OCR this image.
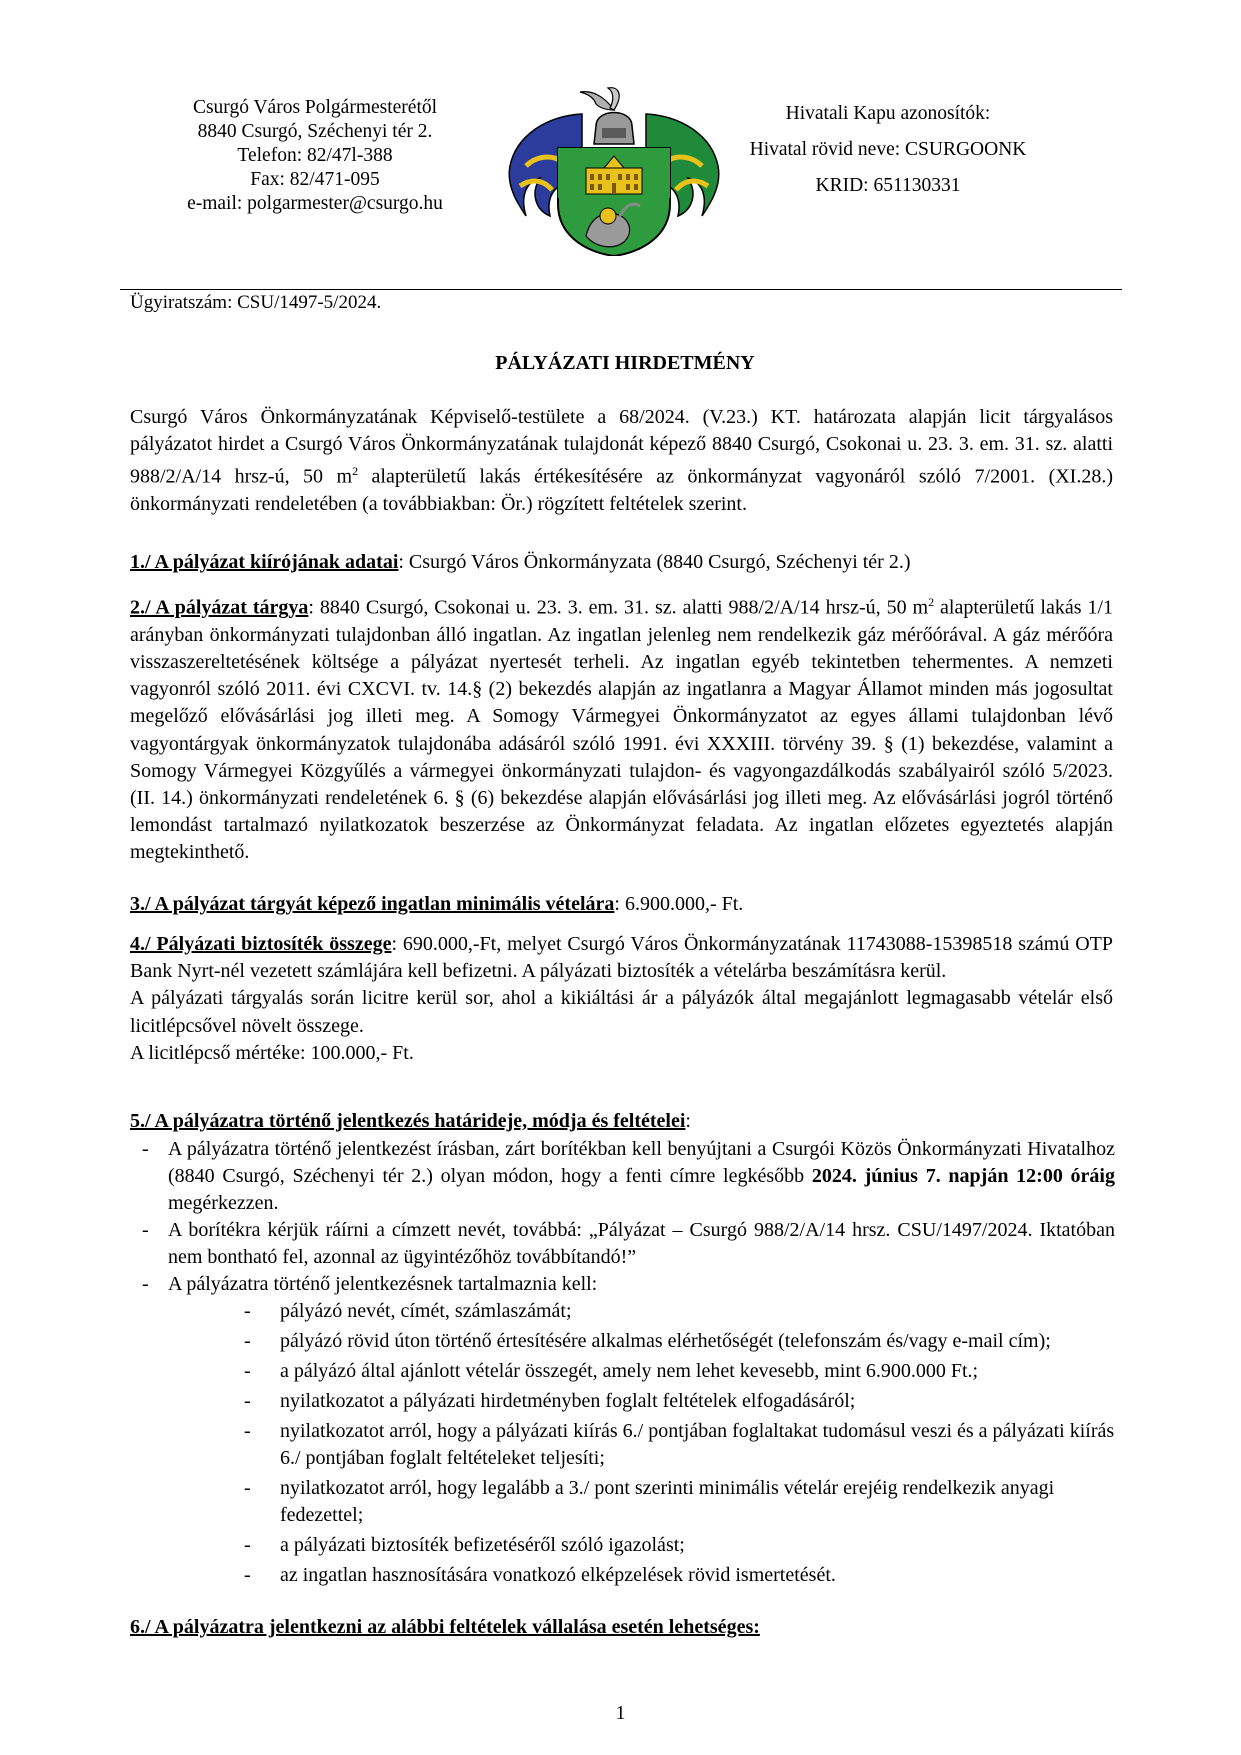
Csurgó Város Polgármesterétől
8840 Csurgó, Széchenyi tér 2.
Telefon: 82/47l-388
Fax: 82/471-095
e-mail: polgarmester@csurgo.hu
Hivatali Kapu azonosítók:
Hivatal rövid neve: CSURGOONK
KRID: 651130331
Ügyiratszám: CSU/1497-5/2024.
PÁLYÁZATI HIRDETMÉNY
Csurgó Város Önkormányzatának Képviselő-testülete a 68/2024. (V.23.) KT. határozata alapján licit tárgyalásos pályázatot hirdet a Csurgó Város Önkormányzatának tulajdonát képező 8840 Csurgó, Csokonai u. 23. 3. em. 31. sz. alatti 988/2/A/14 hrsz-ú, 50 $m^2$ alapterületű lakás értékesítésére az önkormányzat vagyonáról szóló 7/2001. (XI.28.) önkormányzati rendeletében (a továbbiakban: Ör.) rögzített feltételek szerint.
1./ A pályázat kiírójának adatai: Csurgó Város Önkormányzata (8840 Csurgó, Széchenyi tér 2.)
2./ A pályázat tárgya: 8840 Csurgó, Csokonai u. 23. 3. em. 31. sz. alatti 988/2/A/14 hrsz-ú, 50 $m^2$ alapterületű lakás 1/1 arányban önkormányzati tulajdonban álló ingatlan. Az ingatlan jelenleg nem rendelkezik gáz mérőórával. A gáz mérőóra visszaszereltetésének költsége a pályázat nyertesét terheli. Az ingatlan egyéb tekintetben tehermentes. A nemzeti vagyonról szóló 2011. évi CXCVI. tv. 14.§ (2) bekezdés alapján az ingatlanra a Magyar Államot minden más jogosultat megelőző elővásárlási jog illeti meg. A Somogy Vármegyei Önkormányzatot az egyes állami tulajdonban lévő vagyontárgyak önkormányzatok tulajdonába adásáról szóló 1991. évi XXXIII. törvény 39. § (1) bekezdése, valamint a Somogy Vármegyei Közgyűlés a vármegyei önkormányzati tulajdon- és vagyongazdálkodás szabályairól szóló 5/2023. (II. 14.) önkormányzati rendeletének 6. § (6) bekezdése alapján elővásárlási jog illeti meg. Az elővásárlási jogról történő lemondást tartalmazó nyilatkozatok beszerzése az Önkormányzat feladata. Az ingatlan előzetes egyeztetés alapján megtekinthető.
3./ A pályázat tárgyát képező ingatlan minimális vételára: 6.900.000,- Ft.
4./ Pályázati biztosíték összege: 690.000,-Ft, melyet Csurgó Város Önkormányzatának 11743088-15398518 számú OTP Bank Nyrt-nél vezetett számlájára kell befizetni. A pályázati biztosíték a vételárba beszámításra kerül.
A pályázati tárgyalás során licitre kerül sor, ahol a kikiáltási ár a pályázók által megajánlott legmagasabb vételár első licitlépcsővel növelt összege.
A licitlépcső mértéke: 100.000,- Ft.
5./ A pályázatra történő jelentkezés határideje, módja és feltételei:
- A pályázatra történő jelentkezést írásban, zárt borítékban kell benyújtani a Csurgói Közös Önkormányzati Hivatalhoz (8840 Csurgó, Széchenyi tér 2.) olyan módon, hogy a fenti címre legkésőbb 2024. június 7. napján 12:00 óráig megérkezzen.
- A borítékra kérjük ráírni a címzett nevét, továbbá: „Pályázat – Csurgó 988/2/A/14 hrsz. CSU/1497/2024. Iktatóban nem bontható fel, azonnal az ügyintézőhöz továbbítandó!”
- A pályázatra történő jelentkezésnek tartalmaznia kell:
- pályázó nevét, címét, számlaszámát;
- pályázó rövid úton történő értesítésére alkalmas elérhetőségét (telefonszám és/vagy e-mail cím);
- a pályázó által ajánlott vételár összegét, amely nem lehet kevesebb, mint 6.900.000 Ft.;
- nyilatkozatot a pályázati hirdetményben foglalt feltételek elfogadásáról;
- nyilatkozatot arról, hogy a pályázati kiírás 6./ pontjában foglaltakat tudomásul veszi és a pályázati kiírás 6./ pontjában foglalt feltételeket teljesíti;
- nyilatkozatot arról, hogy legalább a 3./ pont szerinti minimális vételár erejéig rendelkezik anyagi fedezettel;
- a pályázati biztosíték befizetéséről szóló igazolást;
- az ingatlan hasznosítására vonatkozó elképzelések rövid ismertetését.
6./ A pályázatra jelentkezni az alábbi feltételek vállalása esetén lehetséges:
1
